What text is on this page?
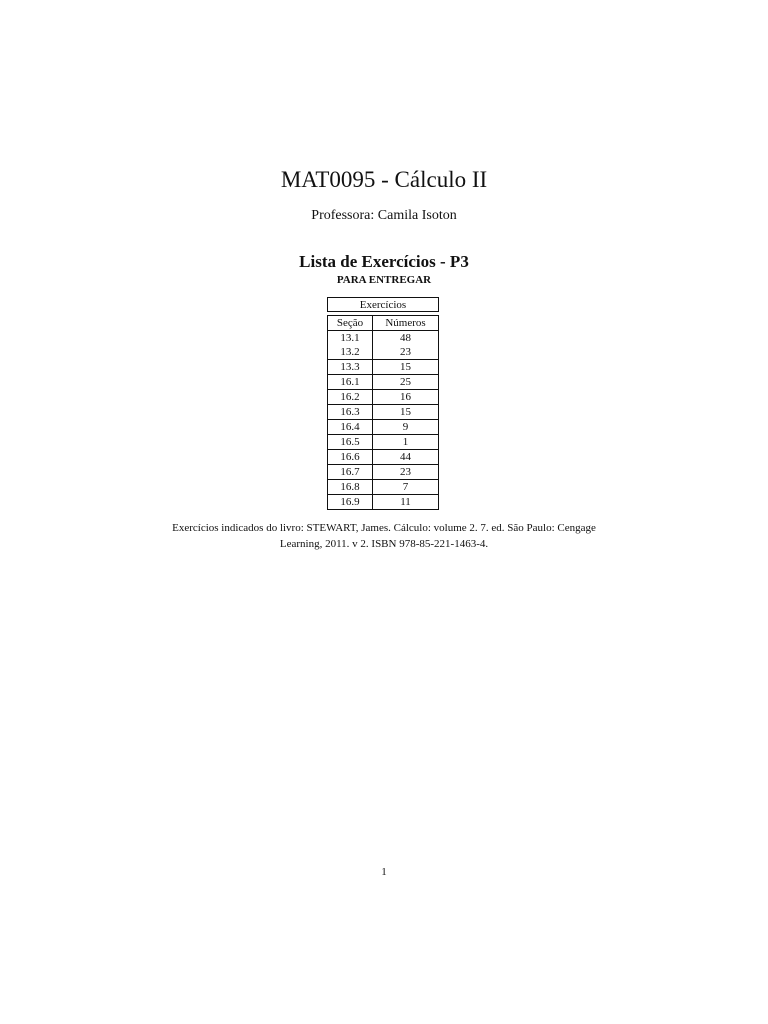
MAT0095 - Cálculo II
Professora: Camila Isoton
Lista de Exercícios - P3
PARA ENTREGAR
Exercícios
Seção	Números
13.1	48
13.2	23
13.3	15
16.1	25
16.2	16
16.3	15
16.4	9
16.5	1
16.6	44
16.7	23
16.8	7
16.9	11
Exercícios indicados do livro: STEWART, James. Cálculo: volume 2. 7. ed. São Paulo: Cengage
Learning, 2011. v 2. ISBN 978-85-221-1463-4.
1
